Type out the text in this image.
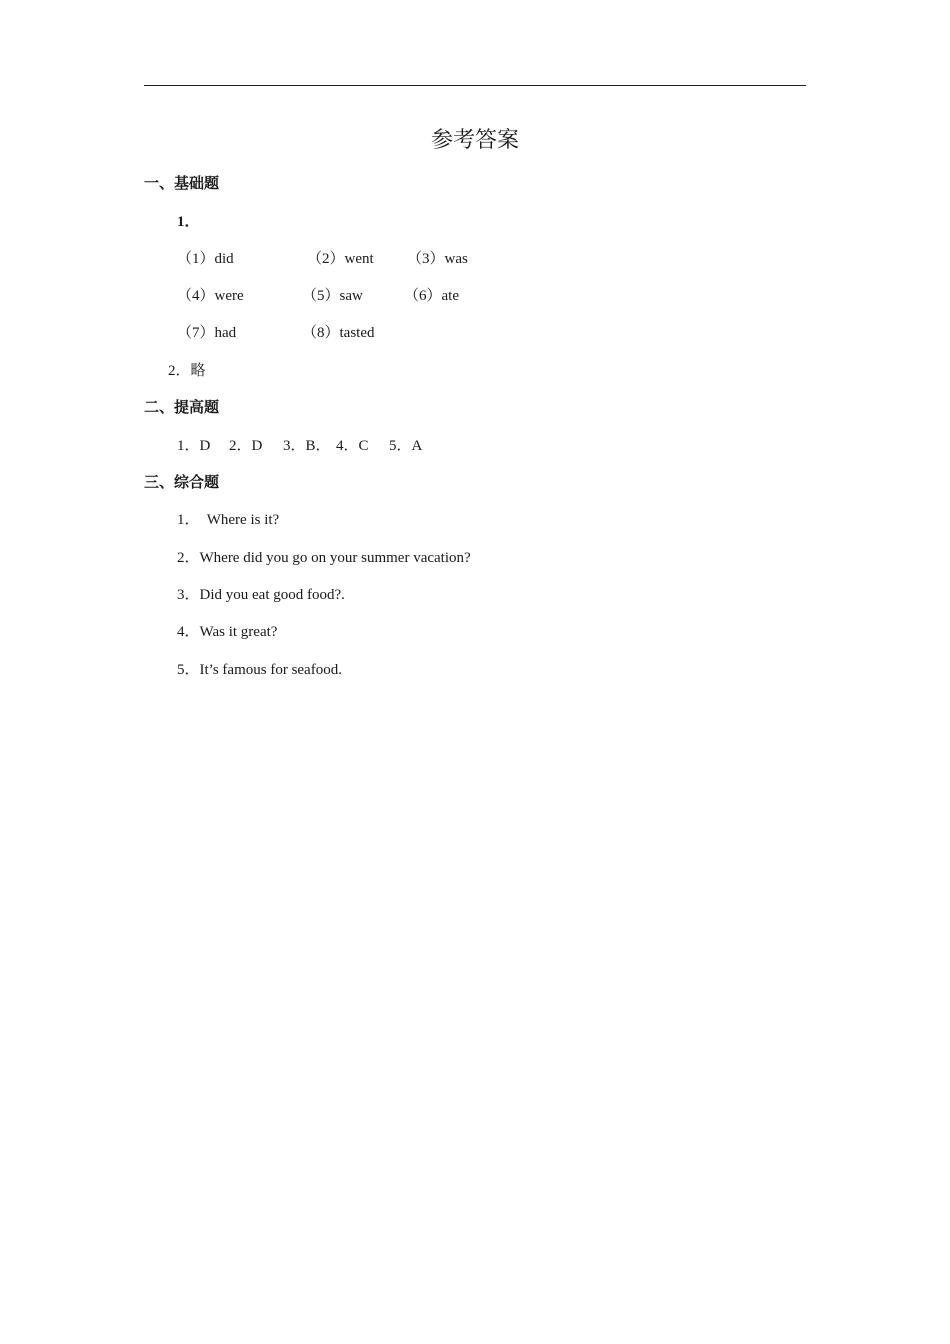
参考答案
一、基础题
1．
（1）did	（2）went （3）was
（4）were	（5）saw	（6）ate
（7）had	（8）tasted
2．略
二、提高题
1．D 2．D 3．B． 4．C 5．A
三、综合题
1．  Where is it?
2．Where did you go on your summer vacation?
3．Did you eat good food?.
4．Was it great?
5．It’s famous for seafood.
